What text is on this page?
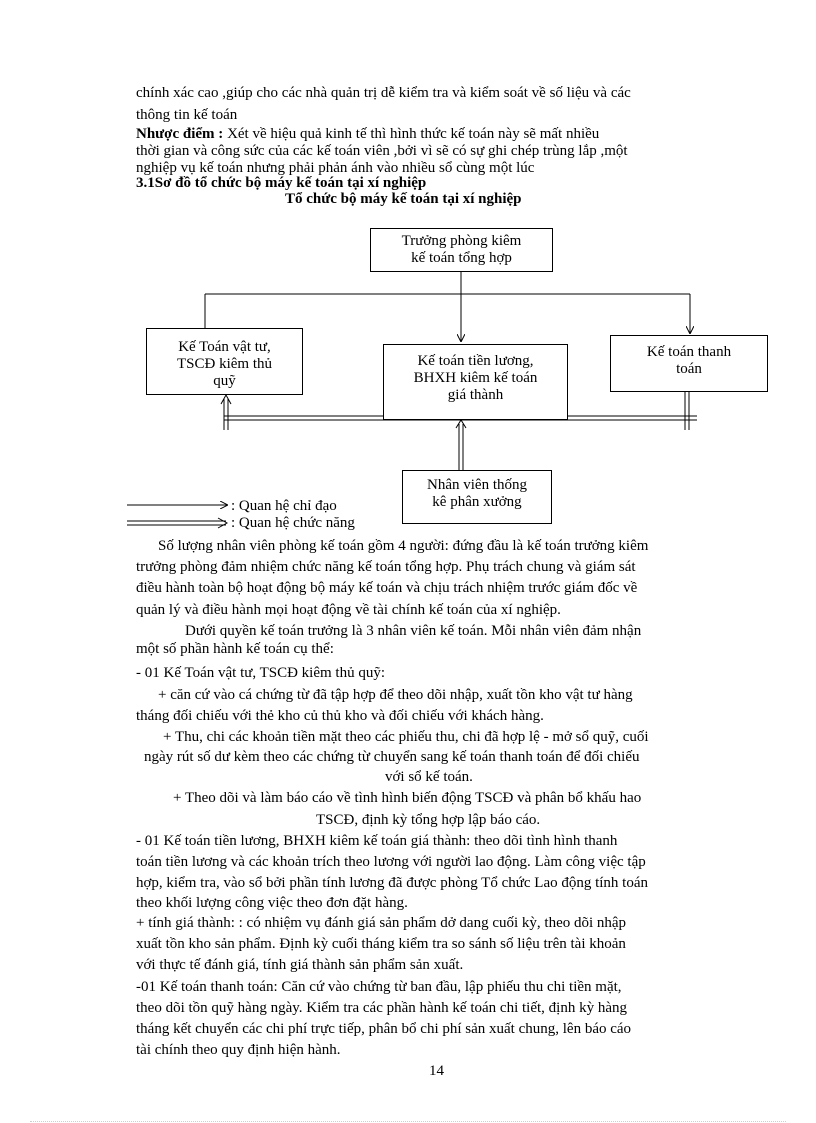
chính xác cao ,giúp cho các nhà quản trị dễ kiểm tra và kiểm soát về số liệu và các
thông tin kế toán
Nhược điểm : Xét về hiệu quả kinh tế thì hình thức kế toán này sẽ mất nhiều
thời gian và công sức của các kế toán viên ,bởi vì sẽ có sự ghi chép trùng lắp ,một
nghiệp vụ kế toán nhưng phải phản ánh vào nhiều sổ cùng một lúc
3.1Sơ đồ tổ chức bộ máy kế toán tại xí nghiệp
Tổ chức bộ máy kế toán tại xí nghiệp
Trưởng phòng kiêm
kế toán tổng hợp
Kế Toán vật tư,
TSCĐ kiêm thủ
quỹ
Kế toán tiền lương,
BHXH kiêm kế toán
giá thành
Kế toán thanh
toán
Nhân viên thống
kê phân xưởng
: Quan hệ chỉ đạo
: Quan hệ chức năng
Số lượng nhân viên phòng kế toán gồm 4 người: đứng đầu là kế toán trưởng kiêm
trưởng phòng đảm nhiệm chức năng kế toán tổng hợp. Phụ trách chung và giám sát
điều hành toàn bộ hoạt động bộ máy kế toán và chịu trách nhiệm trước giám đốc về
quản lý và điều hành mọi hoạt động về tài chính kế toán của xí nghiệp.
Dưới quyền kế toán trưởng là 3 nhân viên kế toán. Mỗi nhân viên đảm nhận
một số phần hành kế toán cụ thể:
- 01 Kế Toán vật tư, TSCĐ kiêm thủ quỹ:
+ căn cứ vào cá chứng từ đã tập hợp để theo dõi nhập, xuất tồn kho vật tư hàng
tháng đối chiếu với thẻ kho củ thủ kho và đối chiếu với khách hàng.
+ Thu, chi các khoản tiền mặt theo các phiếu thu, chi đã hợp lệ - mở sổ quỹ, cuối
ngày rút số dư kèm theo các chứng từ chuyển sang kế toán thanh toán để đối chiếu
với sổ kế toán.
+ Theo dõi và làm báo cáo về tình hình biến động TSCĐ và phân bổ khấu hao
TSCĐ, định kỳ tổng hợp lập báo cáo.
- 01 Kế toán tiền lương, BHXH kiêm kế toán giá thành: theo dõi tình hình thanh
toán tiền lương và các khoản trích theo lương với người lao động. Làm công việc tập
hợp, kiểm tra, vào sổ bởi phần tính lương đã được phòng Tổ chức Lao động tính toán
theo khối lượng công việc theo đơn đặt hàng.
+ tính giá thành: : có nhiệm vụ đánh giá sản phẩm dở dang cuối kỳ, theo dõi nhập
xuất tồn kho sản phẩm. Định kỳ cuối tháng kiểm tra so sánh số liệu trên tài khoản
với thực tế đánh giá, tính giá thành sản phẩm sản xuất.
-01 Kế toán thanh toán: Căn cứ vào chứng từ ban đầu, lập phiếu thu chi tiền mặt,
theo dõi tồn quỹ hàng ngày. Kiểm tra các phần hành kế toán chi tiết, định kỳ hàng
tháng kết chuyển các chi phí trực tiếp, phân bổ chi phí sản xuất chung, lên báo cáo
tài chính theo quy định hiện hành.
14
